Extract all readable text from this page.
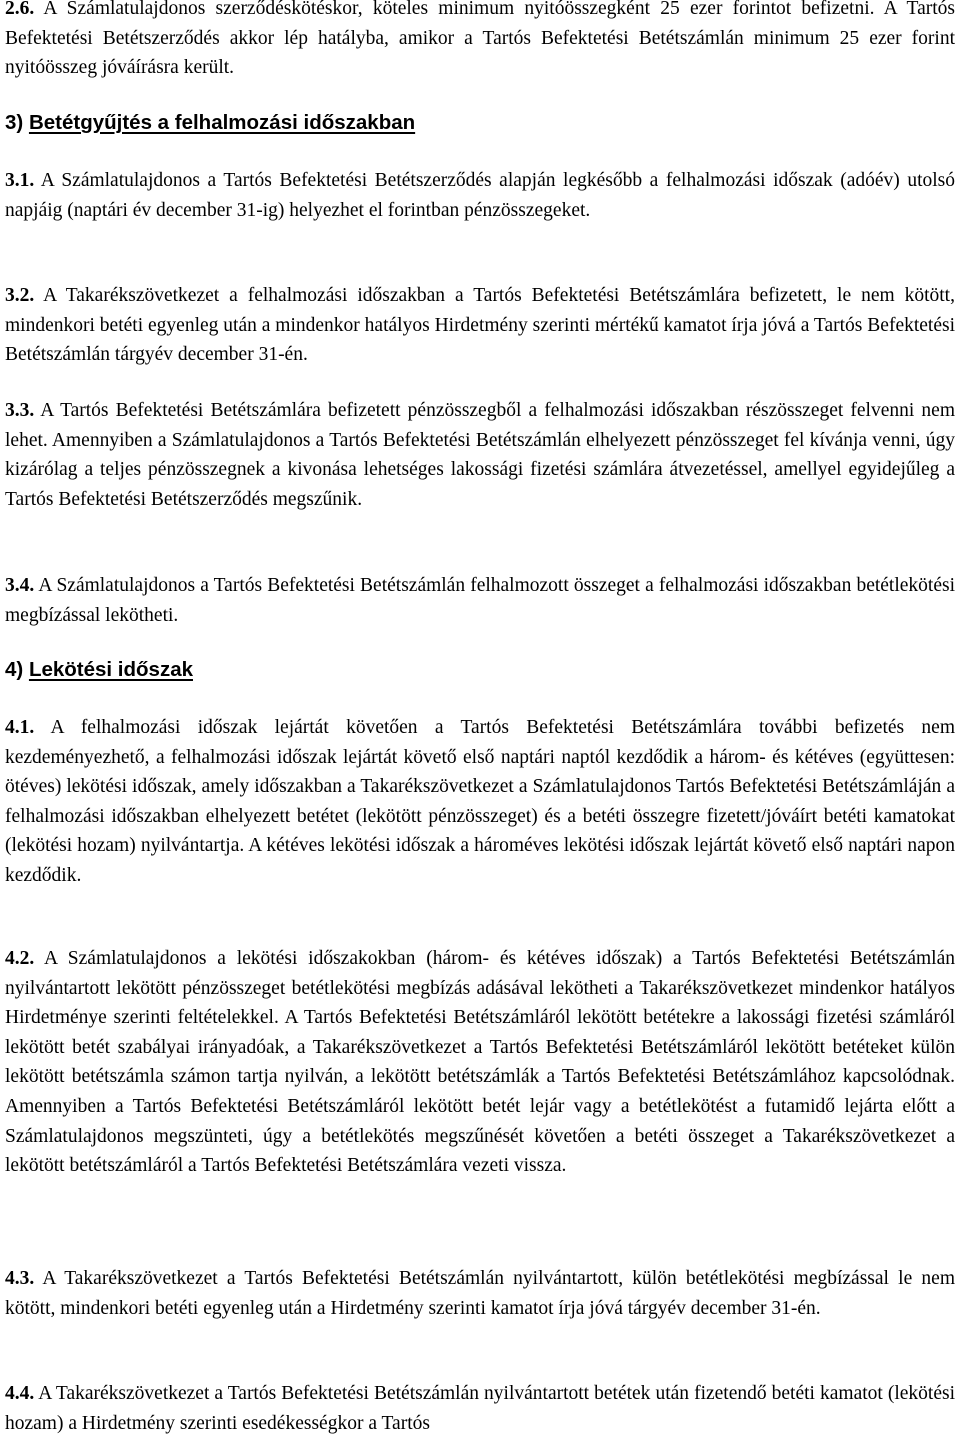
2.6. A Számlatulajdonos szerződéskötéskor, köteles minimum nyitóösszegként 25 ezer forintot befizetni. A Tartós Befektetési Betétszerződés akkor lép hatályba, amikor a Tartós Befektetési Betétszámlán minimum 25 ezer forint nyitóösszeg jóváírásra került.

3) Betétgyűjtés a felhalmozási időszakban

3.1. A Számlatulajdonos a Tartós Befektetési Betétszerződés alapján legkésőbb a felhalmozási időszak (adóév) utolsó napjáig (naptári év december 31-ig) helyezhet el forintban pénzösszegeket.

3.2. A Takarékszövetkezet a felhalmozási időszakban a Tartós Befektetési Betétszámlára befizetett, le nem kötött, mindenkori betéti egyenleg után a mindenkor hatályos Hirdetmény szerinti mértékű kamatot írja jóvá a Tartós Befektetési Betétszámlán tárgyév december 31-én.

3.3. A Tartós Befektetési Betétszámlára befizetett pénzösszegből a felhalmozási időszakban részösszeget felvenni nem lehet. Amennyiben a Számlatulajdonos a Tartós Befektetési Betétszámlán elhelyezett pénzösszeget fel kívánja venni, úgy kizárólag a teljes pénzösszegnek a kivonása lehetséges lakossági fizetési számlára átvezetéssel, amellyel egyidejűleg a Tartós Befektetési Betétszerződés megszűnik.

3.4. A Számlatulajdonos a Tartós Befektetési Betétszámlán felhalmozott összeget a felhalmozási időszakban betétlekötési megbízással lekötheti.

4) Lekötési időszak

4.1. A felhalmozási időszak lejártát követően a Tartós Befektetési Betétszámlára további befizetés nem kezdeményezhető, a felhalmozási időszak lejártát követő első naptári naptól kezdődik a három- és kétéves (együttesen: ötéves) lekötési időszak, amely időszakban a Takarékszövetkezet a Számlatulajdonos Tartós Befektetési Betétszámláján a felhalmozási időszakban elhelyezett betétet (lekötött pénzösszeget) és a betéti összegre fizetett/jóváírt betéti kamatokat (lekötési hozam) nyilvántartja. A kétéves lekötési időszak a hároméves lekötési időszak lejártát követő első naptári napon kezdődik.

4.2. A Számlatulajdonos a lekötési időszakokban (három- és kétéves időszak) a Tartós Befektetési Betétszámlán nyilvántartott lekötött pénzösszeget betétlekötési megbízás adásával lekötheti a Takarékszövetkezet mindenkor hatályos Hirdetménye szerinti feltételekkel. A Tartós Befektetési Betétszámláról lekötött betétekre a lakossági fizetési számláról lekötött betét szabályai irányadóak, a Takarékszövetkezet a Tartós Befektetési Betétszámláról lekötött betéteket külön lekötött betétszámla számon tartja nyilván, a lekötött betétszámlák a Tartós Befektetési Betétszámlához kapcsolódnak. Amennyiben a Tartós Befektetési Betétszámláról lekötött betét lejár vagy a betétlekötést a futamidő lejárta előtt a Számlatulajdonos megszünteti, úgy a betétlekötés megszűnését követően a betéti összeget a Takarékszövetkezet a lekötött betétszámláról a Tartós Befektetési Betétszámlára vezeti vissza.

4.3. A Takarékszövetkezet a Tartós Befektetési Betétszámlán nyilvántartott, külön betétlekötési megbízással le nem kötött, mindenkori betéti egyenleg után a Hirdetmény szerinti kamatot írja jóvá tárgyév december 31-én.

4.4. A Takarékszövetkezet a Tartós Befektetési Betétszámlán nyilvántartott betétek után fizetendő betéti kamatot (lekötési hozam) a Hirdetmény szerinti esedékességkor a Tartós
